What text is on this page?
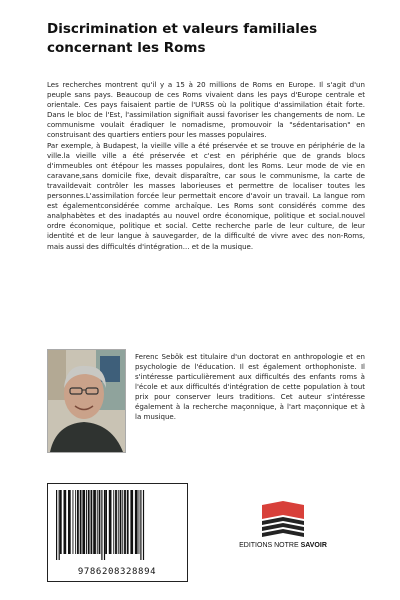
Discrimination et valeurs familiales concernant les Roms

Les recherches montrent qu'il y a 15 à 20 millions de Roms en Europe. Il s'agit d'un peuple sans pays. Beaucoup de ces Roms vivaient dans les pays d'Europe centrale et orientale. Ces pays faisaient partie de l'URSS où la politique d'assimilation était forte. Dans le bloc de l'Est, l'assimilation signifiait aussi favoriser les changements de nom. Le communisme voulait éradiquer le nomadisme, promouvoir la "sédentarisation" en construisant des quartiers entiers pour les masses populaires.

Par exemple, à Budapest, la vieille ville a été préservée et se trouve en périphérie de la ville.la vieille ville a été préservée et c'est en périphérie que de grands blocs d'immeubles ont étépour les masses populaires, dont les Roms. Leur mode de vie en caravane,sans domicile fixe, devait disparaître, car sous le communisme, la carte de travaildevait contrôler les masses laborieuses et permettre de localiser toutes les personnes.L'assimilation forcée leur permettait encore d'avoir un travail. La langue rom est égalementconsidérée comme archaïque. Les Roms sont considérés comme des analphabètes et des inadaptés au nouvel ordre économique, politique et social.nouvel ordre économique, politique et social. Cette recherche parle de leur culture, de leur identité et de leur langue à sauvegarder, de la difficulté de vivre avec des non-Roms, mais aussi des difficultés d'intégration... et de la musique.

Ferenc Sebök est titulaire d'un doctorat en anthropologie et en psychologie de l'éducation. Il est également orthophoniste. Il s'intéresse particulièrement aux difficultés des enfants roms à l'école et aux difficultés d'intégration de cette population à tout prix pour conserver leurs traditions. Cet auteur s'intéresse également à la recherche maçonnique, à l'art maçonnique et à la musique.
9786208328894
EDITIONS NOTRE SAVOIR
